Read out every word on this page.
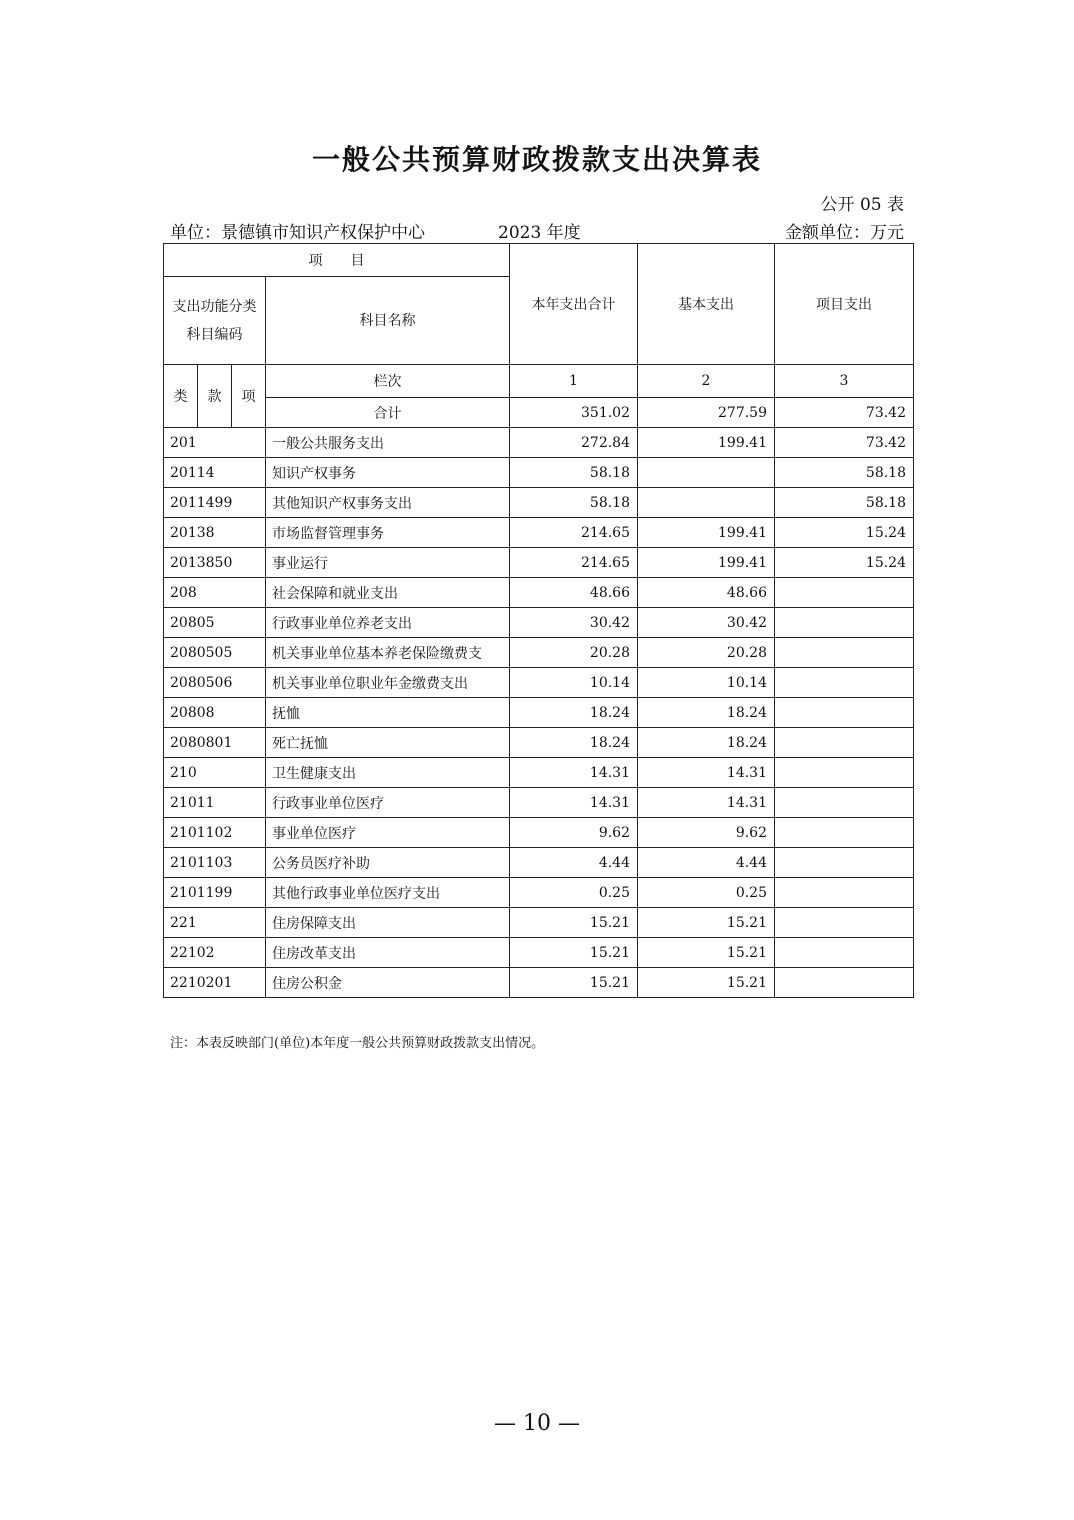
一般公共预算财政拨款支出决算表
公开 05 表
单位：景德镇市知识产权保护中心	2023 年度	金额单位：万元
项　　目				本年支出合计	基本支出	项目支出

支出功能分类
科目编码			科目名称			
类	款	项	栏次	1	2	3
			合计	351.02	277.59	73.42
201			一般公共服务支出	272.84	199.41	73.42
20114			知识产权事务	58.18		58.18
2011499			其他知识产权事务支出	58.18		58.18
20138			市场监督管理事务	214.65	199.41	15.24
2013850			事业运行	214.65	199.41	15.24
208			社会保障和就业支出	48.66	48.66	
20805			行政事业单位养老支出	30.42	30.42	
2080505			机关事业单位基本养老保险缴费支	20.28	20.28	
2080506			机关事业单位职业年金缴费支出	10.14	10.14	
20808			抚恤	18.24	18.24	
2080801			死亡抚恤	18.24	18.24	
210			卫生健康支出	14.31	14.31	
21011			行政事业单位医疗	14.31	14.31	
2101102			事业单位医疗	9.62	9.62	
2101103			公务员医疗补助	4.44	4.44	
2101199			其他行政事业单位医疗支出	0.25	0.25	
221			住房保障支出	15.21	15.21	
22102			住房改革支出	15.21	15.21	
2210201			住房公积金	15.21	15.21	
注：本表反映部门(单位)本年度一般公共预算财政拨款支出情况。
— 10 —
